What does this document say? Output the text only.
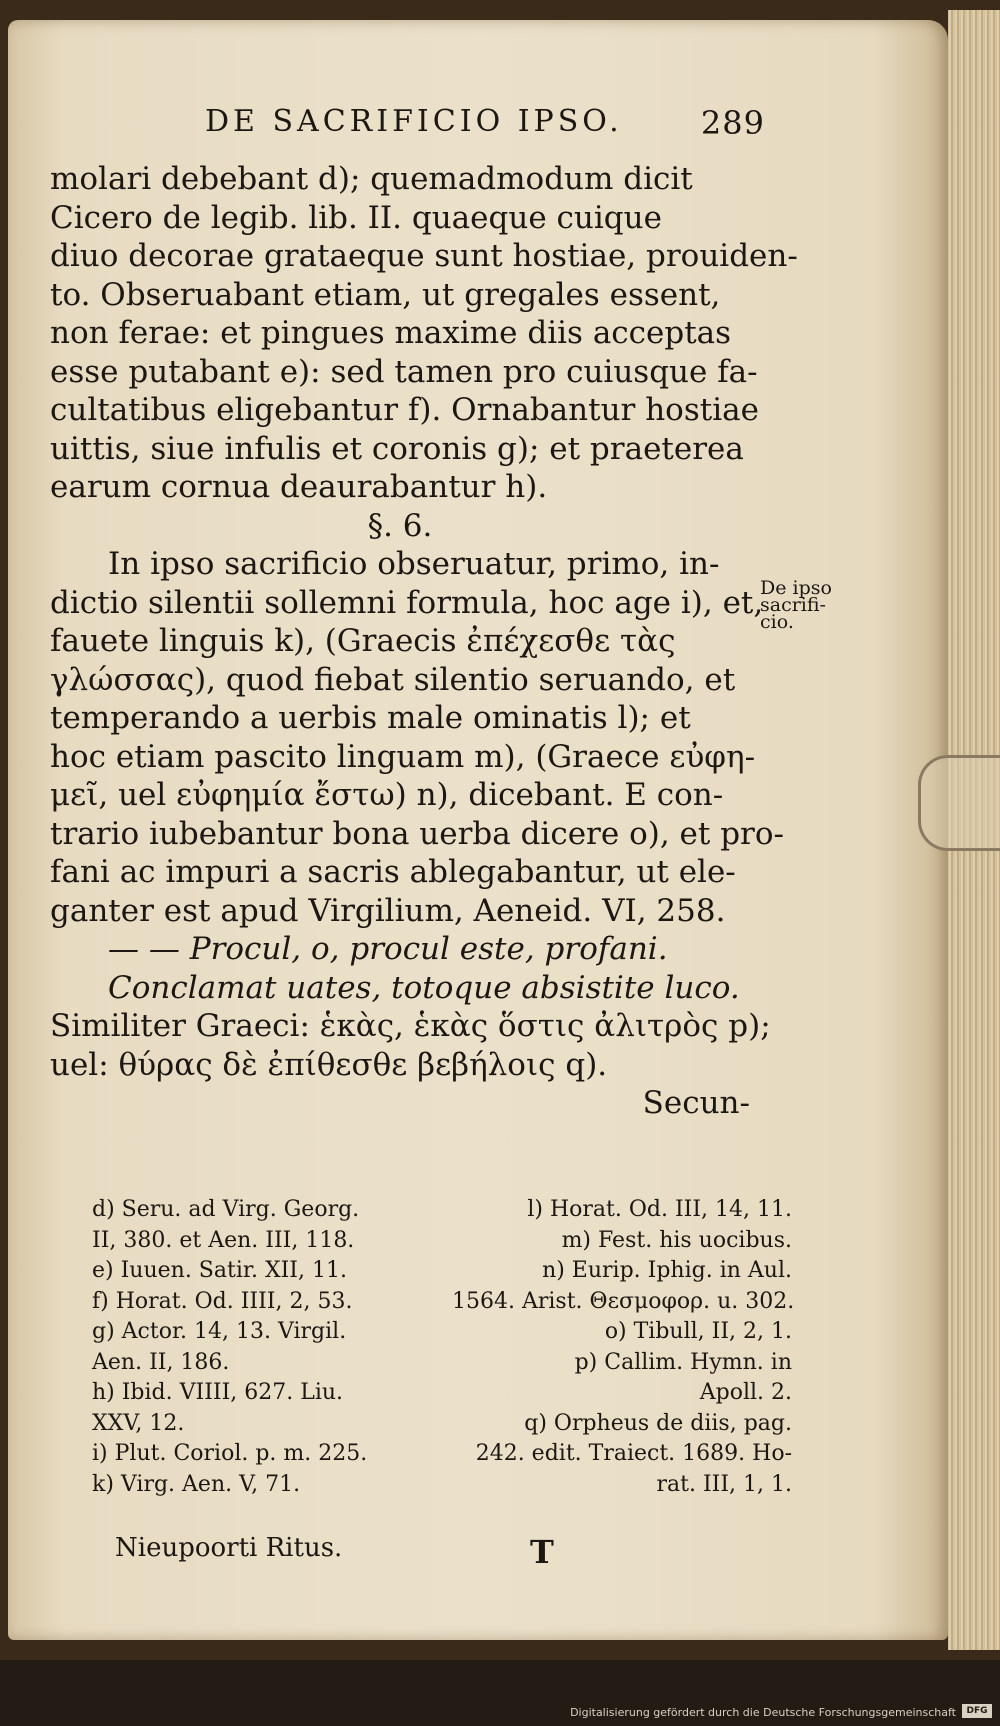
DE SACRIFICIO IPSO. 289
molari debebant d); quemadmodum dicit
Cicero de legib. lib. II. quaeque cuique
diuo decorae grataeque sunt hostiae, prouiden-
to. Obseruabant etiam, ut gregales essent,
non ferae: et pingues maxime diis acceptas
esse putabant e): sed tamen pro cuiusque fa-
cultatibus eligebantur f). Ornabantur hostiae
uittis, siue infulis et coronis g); et praeterea
earum cornua deaurabantur h).
§. 6.
In ipso sacrificio obseruatur, primo, in-
dictio silentii sollemni formula, hoc age i), et,
fauete linguis k), (Graecis ἐπέχεσθε τὰς
γλώσσας), quod fiebat silentio seruando, et
temperando a uerbis male ominatis l); et
hoc etiam pascito linguam m), (Graece εὐφη-
μεῖ, uel εὐφημία ἔστω) n), dicebant. E con-
trario iubebantur bona uerba dicere o), et pro-
fani ac impuri a sacris ablegabantur, ut ele-
ganter est apud Virgilium, Aeneid. VI, 258.
— — Procul, o, procul este, profani.
Conclamat uates, totoque absistite luco.
Similiter Graeci: ἑκὰς, ἑκὰς ὅστις ἀλιτρὸς p);
uel: θύρας δὲ ἐπίθεσθε βεβήλοις q).
Secun-
De ipso
sacrifi-
cio.
d) Seru. ad Virg. Georg.
II, 380. et Aen. III, 118.
e) Iuuen. Satir. XII, 11.
f) Horat. Od. IIII, 2, 53.
g) Actor. 14, 13. Virgil.
Aen. II, 186.
h) Ibid. VIIII, 627. Liu.
XXV, 12.
i) Plut. Coriol. p. m. 225.
k) Virg. Aen. V, 71.
l) Horat. Od. III, 14, 11.
m) Fest. his uocibus.
n) Eurip. Iphig. in Aul.
1564. Arist. Θεσμοφορ. u. 302.
o) Tibull, II, 2, 1.
p) Callim. Hymn. in
Apoll. 2.
q) Orpheus de diis, pag.
242. edit. Traiect. 1689. Ho-
rat. III, 1, 1.
Nieupoorti Ritus.	T
Digitalisierung gefördert durch die Deutsche Forschungsgemeinschaft	DFG
